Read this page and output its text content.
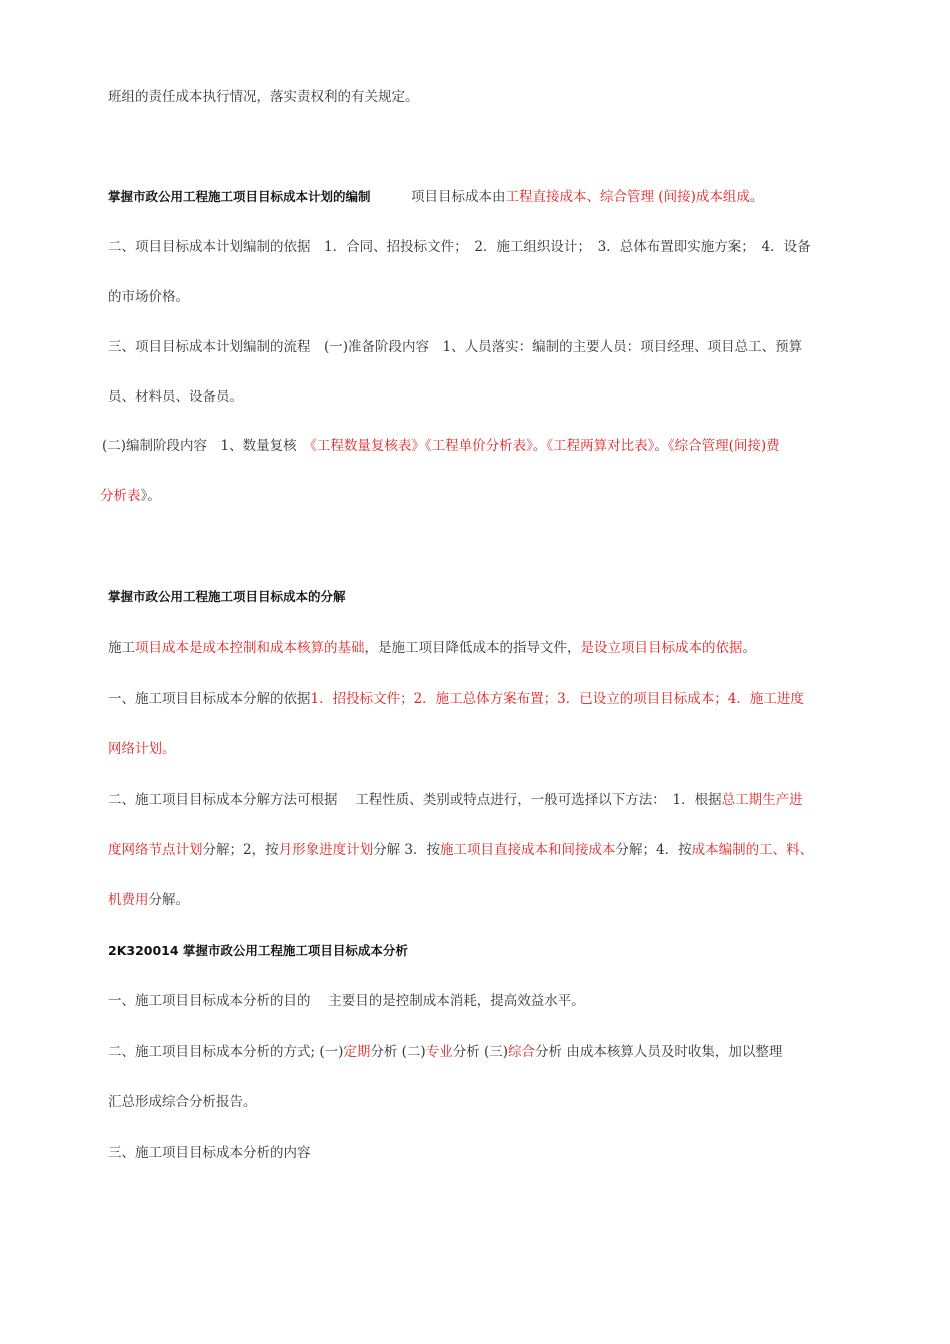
班组的责任成本执行情况，落实责权利的有关规定。
掌握市政公用工程施工项目目标成本计划的编制　　　项目目标成本由工程直接成本、综合管理 (间接)成本组成。
二、项目目标成本计划编制的依据　1．合同、招投标文件；　2．施工组织设计；　3．总体布置即实施方案；　4．设备
的市场价格。
三、项目目标成本计划编制的流程　(一)准备阶段内容　1、人员落实：编制的主要人员：项目经理、项目总工、预算
员、材料员、设备员。
(二)编制阶段内容　1、数量复核　《工程数量复核表》《工程单价分析表》。《工程两算对比表》。《综合管理(间接)费
分析表》。
掌握市政公用工程施工项目目标成本的分解
施工项目成本是成本控制和成本核算的基础，是施工项目降低成本的指导文件，是设立项目目标成本的依据。
一、施工项目目标成本分解的依据1．招投标文件；2．施工总体方案布置；3．已设立的项目目标成本；4．施工进度
网络计划。
二、施工项目目标成本分解方法可根据　 工程性质、类别或特点进行，一般可选择以下方法：　1．根据总工期生产进
度网络节点计划分解；2，按月形象进度计划分解 3．按施工项目直接成本和间接成本分解；4．按成本编制的工、料、
机费用分解。
2K320014 掌握市政公用工程施工项目目标成本分析
一、施工项目目标成本分析的目的　 主要目的是控制成本消耗，提高效益水平。
二、施工项目目标成本分析的方式; (一)定期分析 (二)专业分析 (三)综合分析 由成本核算人员及时收集，加以整理
汇总形成综合分析报告。
三、施工项目目标成本分析的内容
